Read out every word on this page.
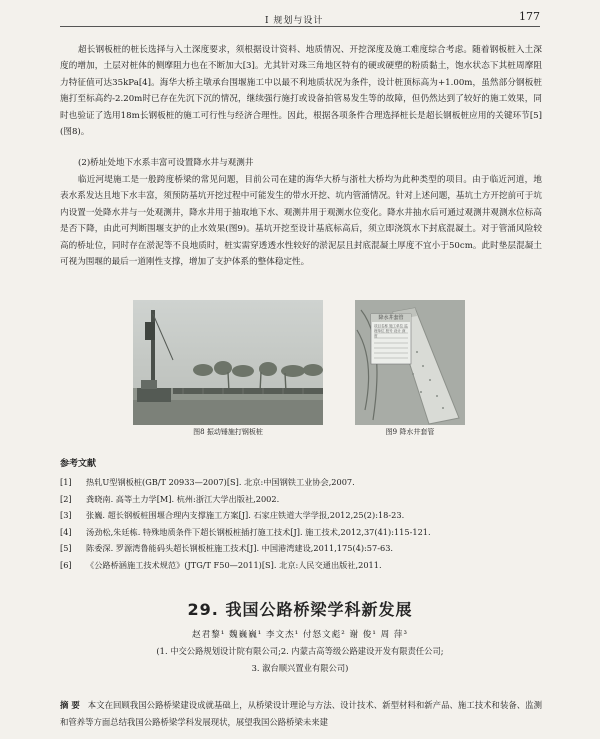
Ⅰ 规划与设计	177

超长钢板桩的桩长选择与入土深度要求，须根据设计资料、地质情况、开挖深度及施工难度综合考虑。随着钢板桩入土深度的增加，土层对桩体的侧摩阻力也在不断加大[3]。尤其针对珠三角地区特有的硬或硬塑的粉质黏土，饱水状态下其桩周摩阻力特征值可达35kPa[4]。海华大桥主墩承台围堰施工中以最不利地质状况为条件，设计桩顶标高为+1.00m，虽然部分钢板桩施打至标高约-2.20m时已存在先沉下沉的情况，继续强行施打或设备拍管易发生等的故障，但仍然达到了较好的施工效果，同时也验证了选用18m长钢板桩的施工可行性与经济合理性。因此，根据各项条件合理选择桩长是超长钢板桩应用的关键环节[5](图8)。

(2)桥址处地下水系丰富可设置降水井与观测井

临近河堤施工是一般跨度桥梁的常见问题，目前公司在建的海华大桥与浙杜大桥均为此种类型的项目。由于临近河道，地表水系发达且地下水丰富，须预防基坑开挖过程中可能发生的带水开挖、坑内管涌情况。针对上述问题，基坑土方开挖前可于坑内设置一处降水井与一处观测井，降水井用于抽取地下水、观测井用于观测水位变化。降水井抽水后可通过观测井观测水位标高是否下降，由此可判断围堰支护的止水效果(图9)。基坑开挖至设计基底标高后，须立即浇筑水下封底混凝土。对于管涌风险较高的桥址位，同时存在淤泥等不良地质时，桩实需穿透透水性较好的淤泥层且封底混凝土厚度不宜小于50cm。此时垫层混凝土可视为围堰的最后一道刚性支撑，增加了支护体系的整体稳定性。

图8 振动锤施打钢板桩
降水井套管
项目名称 施工单位 监理单位 桩号 设计 深度
图9 降水井套管
参考文献
[1] 热轧U型钢板桩(GB/T 20933—2007)[S]. 北京:中国钢铁工业协会,2007.
[2] 龚晓南. 高等土力学[M]. 杭州:浙江大学出版社,2002.
[3] 张巍. 超长钢板桩围堰合理内支撑施工方案[J]. 石家庄铁道大学学报,2012,25(2):18-23.
[4] 汤劲松,朱廷栋. 特殊地质条件下超长钢板桩插打施工技术[J]. 施工技术,2012,37(41):115-121.
[5] 陈委深. 罗源湾鲁能码头超长钢板桩施工技术[J]. 中国港湾建设,2011,175(4):57-63.
[6] 《公路桥涵施工技术规范》(JTG/T F50—2011)[S]. 北京:人民交通出版社,2011.
29. 我国公路桥梁学科新发展
赵君黎¹ 魏巍巍¹ 李文杰¹ 付怒文彪² 谢 俊¹ 周 萍³
(1. 中交公路规划设计院有限公司;2. 内蒙古高等级公路建设开发有限责任公司;
3. 溆台顺兴置业有限公司)

摘 要 本文在回顾我国公路桥梁建设成就基础上，从桥梁设计理论与方法、设计技术、新型材料和新产品、施工技术和装备、监测和管养等方面总结我国公路桥梁学科发展现状，展望我国公路桥梁未来建
